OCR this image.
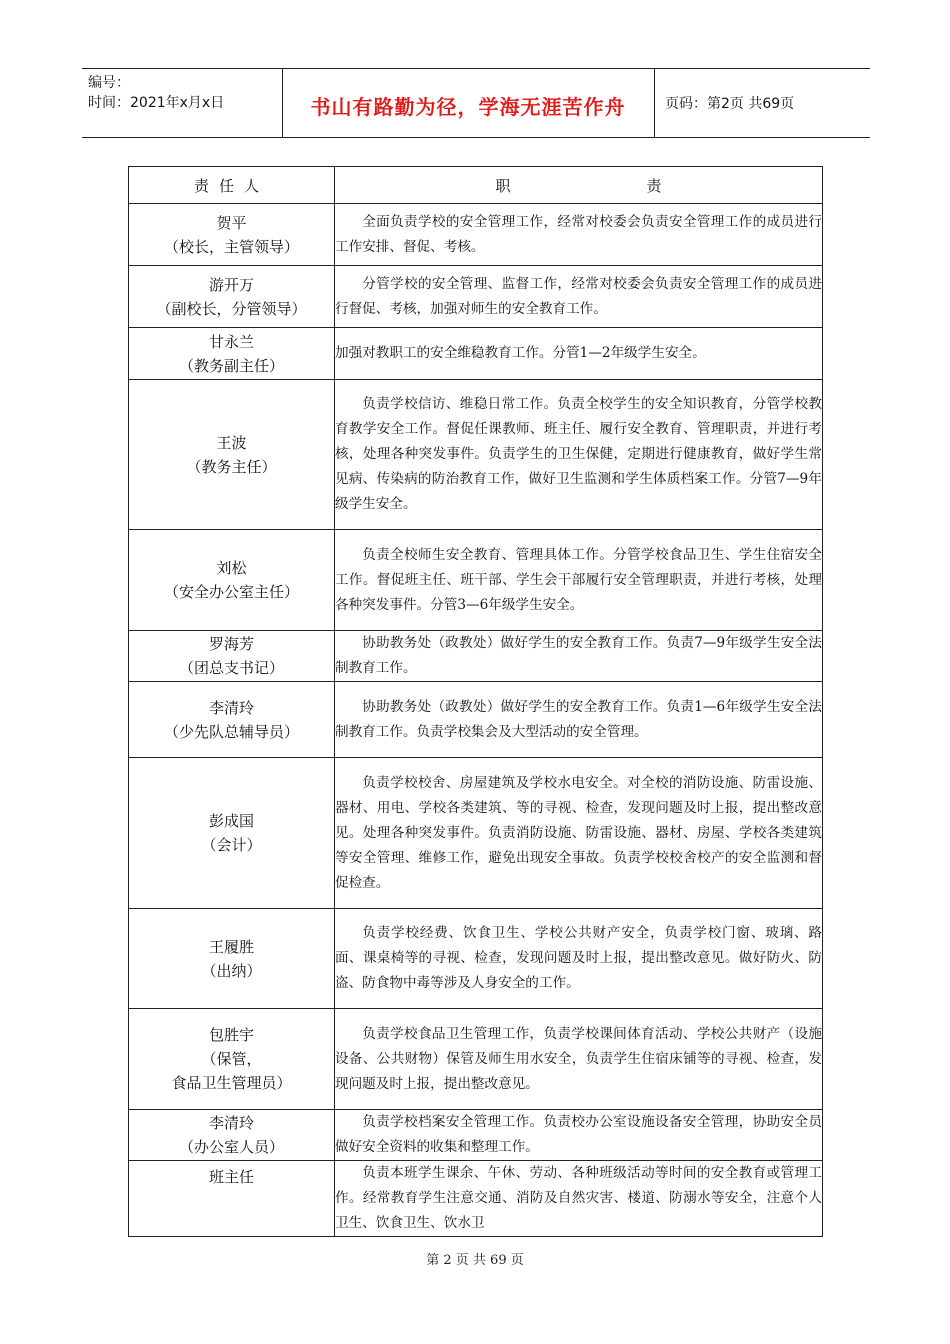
编号：
时间：2021年x月x日	书山有路勤为径，学海无涯苦作舟	页码：第2页 共69页
责任人	职 责

贺平
（校长，主管领导）	全面负责学校的安全管理工作，经常对校委会负责安全管理工作的成员进行工作安排、督促、考核。

游开万
（副校长，分管领导）	分管学校的安全管理、监督工作，经常对校委会负责安全管理工作的成员进行督促、考核，加强对师生的安全教育工作。

甘永兰
（教务副主任）	加强对教职工的安全维稳教育工作。分管1—2年级学生安全。

王波
（教务主任）	负责学校信访、维稳日常工作。负责全校学生的安全知识教育，分管学校教育教学安全工作。督促任课教师、班主任、履行安全教育、管理职责，并进行考核，处理各种突发事件。负责学生的卫生保健，定期进行健康教育，做好学生常见病、传染病的防治教育工作，做好卫生监测和学生体质档案工作。分管7—9年级学生安全。

刘松
（安全办公室主任）	负责全校师生安全教育、管理具体工作。分管学校食品卫生、学生住宿安全工作。督促班主任、班干部、学生会干部履行安全管理职责，并进行考核，处理各种突发事件。分管3—6年级学生安全。

罗海芳
（团总支书记）	协助教务处（政教处）做好学生的安全教育工作。负责7—9年级学生安全法制教育工作。

李清玲
（少先队总辅导员）	协助教务处（政教处）做好学生的安全教育工作。负责1—6年级学生安全法制教育工作。负责学校集会及大型活动的安全管理。

彭成国
（会计）	负责学校校舍、房屋建筑及学校水电安全。对全校的消防设施、防雷设施、器材、用电、学校各类建筑、等的寻视、检查，发现问题及时上报，提出整改意见。处理各种突发事件。负责消防设施、防雷设施、器材、房屋、学校各类建筑等安全管理、维修工作，避免出现安全事故。负责学校校舍校产的安全监测和督促检查。

王履胜
（出纳）	负责学校经费、饮食卫生、学校公共财产安全，负责学校门窗、玻璃、路面、课桌椅等的寻视、检查，发现问题及时上报，提出整改意见。做好防火、防盗、防食物中毒等涉及人身安全的工作。

包胜宇
（保管，
食品卫生管理员）	负责学校食品卫生管理工作，负责学校课间体育活动、学校公共财产（设施设备、公共财物）保管及师生用水安全，负责学生住宿床铺等的寻视、检查，发现问题及时上报，提出整改意见。

李清玲
（办公室人员）	负责学校档案安全管理工作。负责校办公室设施设备安全管理，协助安全员做好安全资料的收集和整理工作。

班主任	负责本班学生课余、午休、劳动、各种班级活动等时间的安全教育或管理工作。经常教育学生注意交通、消防及自然灾害、楼道、防溺水等安全，注意个人卫生、饮食卫生、饮水卫

第 2 页 共 69 页
